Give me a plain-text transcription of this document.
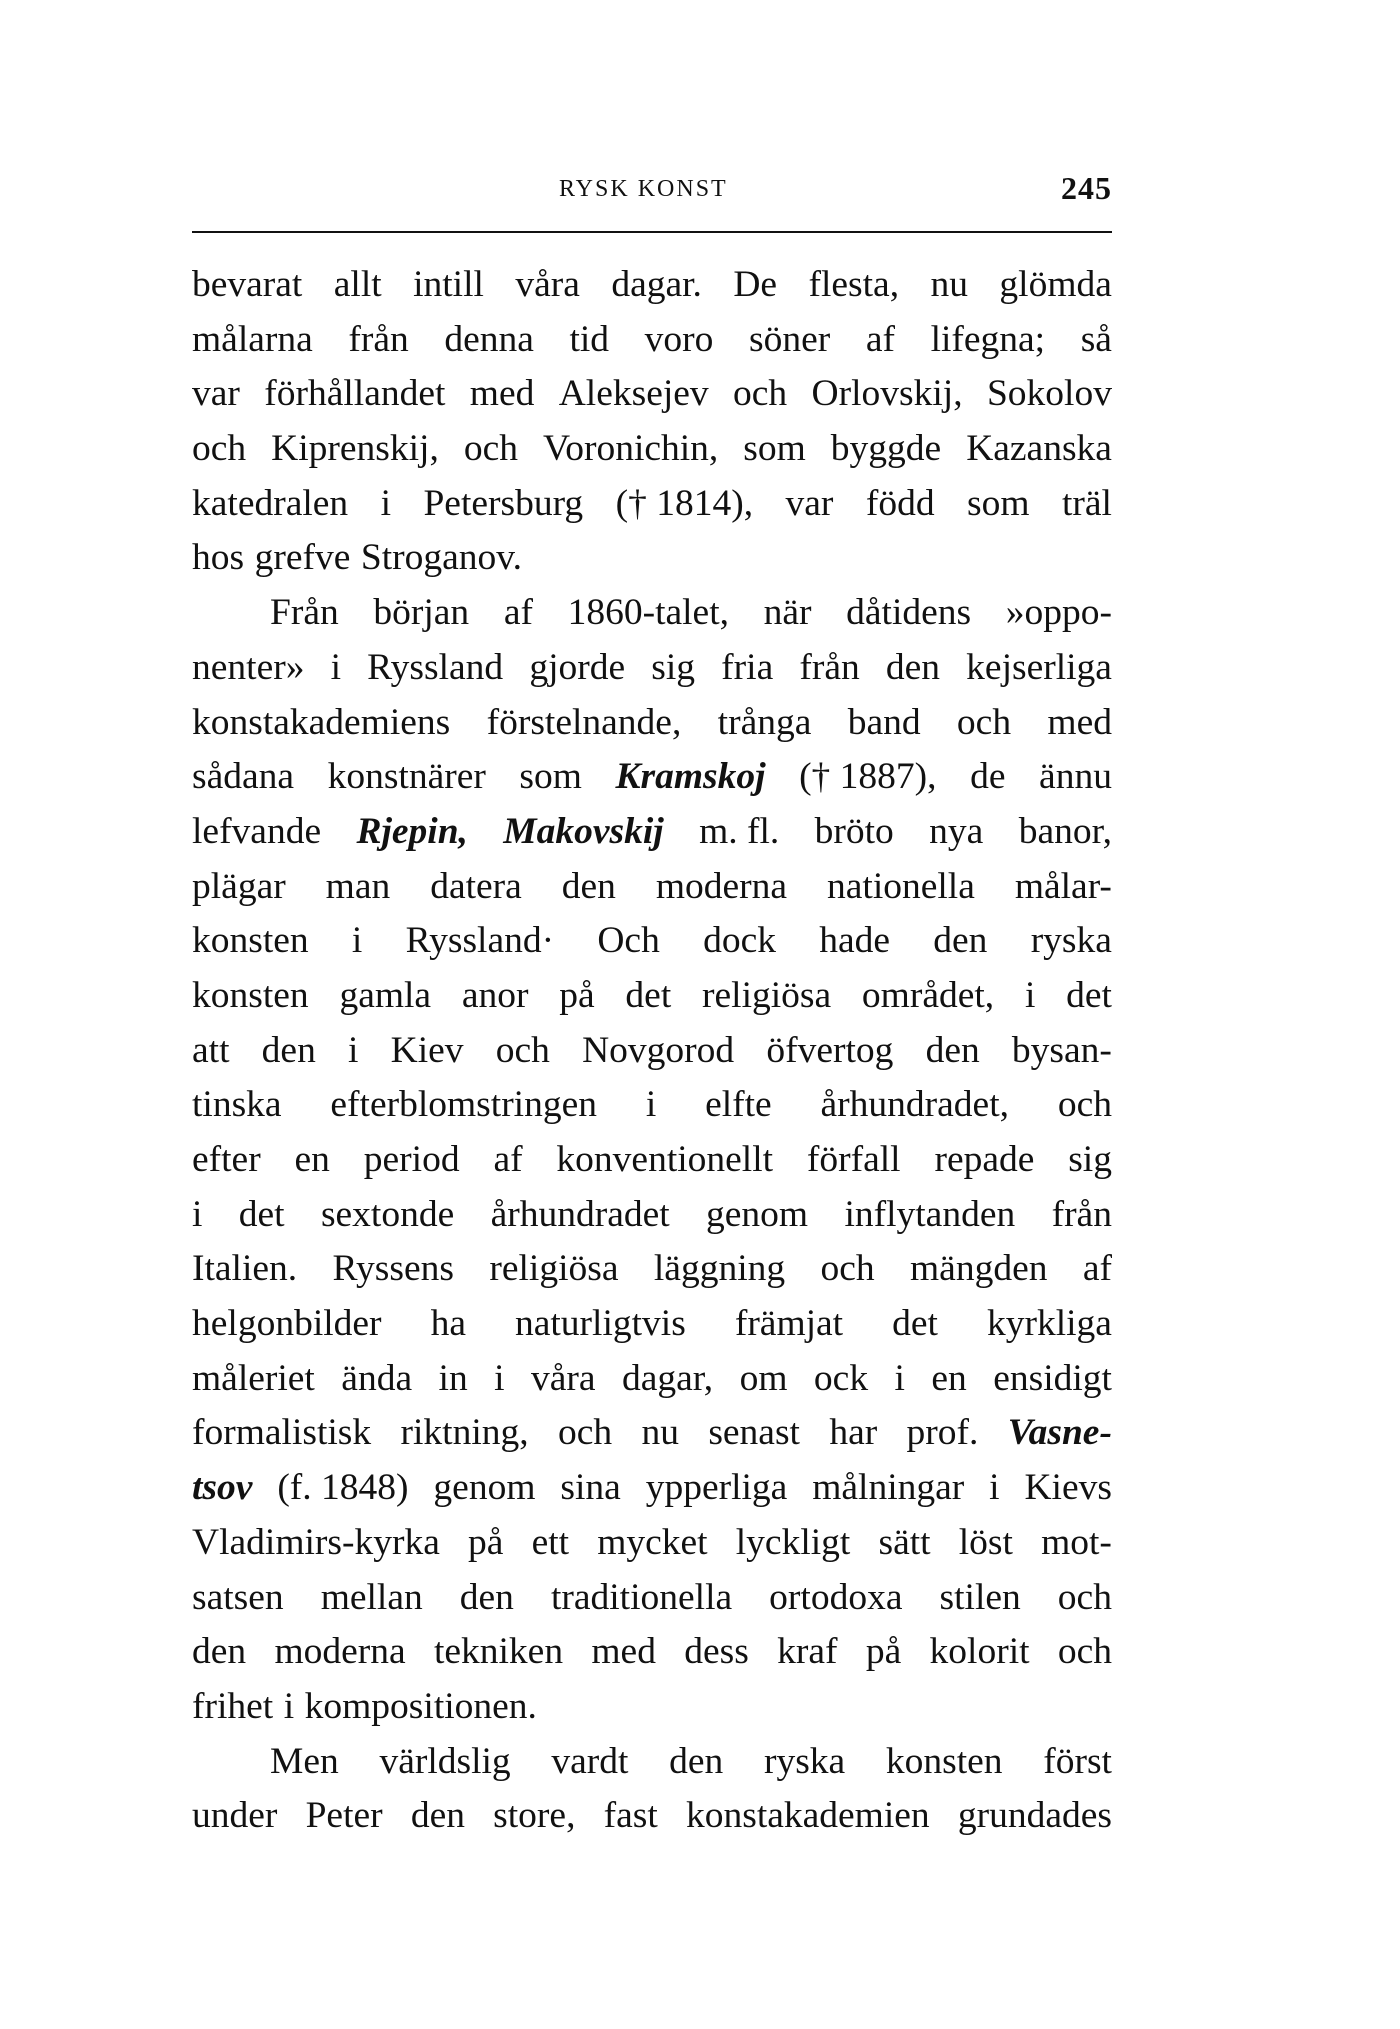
RYSK KONST	245
bevarat allt intill våra dagar. De flesta, nu glömda
målarna från denna tid voro söner af lifegna; så
var förhållandet med Aleksejev och Orlovskij, Sokolov
och Kiprenskij, och Voronichin, som byggde Kazanska
katedralen i Petersburg († 1814), var född som träl
hos grefve Stroganov.
Från början af 1860-talet, när dåtidens »oppo-
nenter» i Ryssland gjorde sig fria från den kejserliga
konstakademiens förstelnande, trånga band och med
sådana konstnärer som Kramskoj († 1887), de ännu
lefvande Rjepin, Makovskij m. fl. bröto nya banor,
plägar man datera den moderna nationella målar-
konsten i Ryssland· Och dock hade den ryska
konsten gamla anor på det religiösa området, i det
att den i Kiev och Novgorod öfvertog den bysan-
tinska efterblomstringen i elfte århundradet, och
efter en period af konventionellt förfall repade sig
i det sextonde århundradet genom inflytanden från
Italien. Ryssens religiösa läggning och mängden af
helgonbilder ha naturligtvis främjat det kyrkliga
måleriet ända in i våra dagar, om ock i en ensidigt
formalistisk riktning, och nu senast har prof. Vasne-
tsov (f. 1848) genom sina ypperliga målningar i Kievs
Vladimirs-kyrka på ett mycket lyckligt sätt löst mot-
satsen mellan den traditionella ortodoxa stilen och
den moderna tekniken med dess kraf på kolorit och
frihet i kompositionen.
Men världslig vardt den ryska konsten först
under Peter den store, fast konstakademien grundades
